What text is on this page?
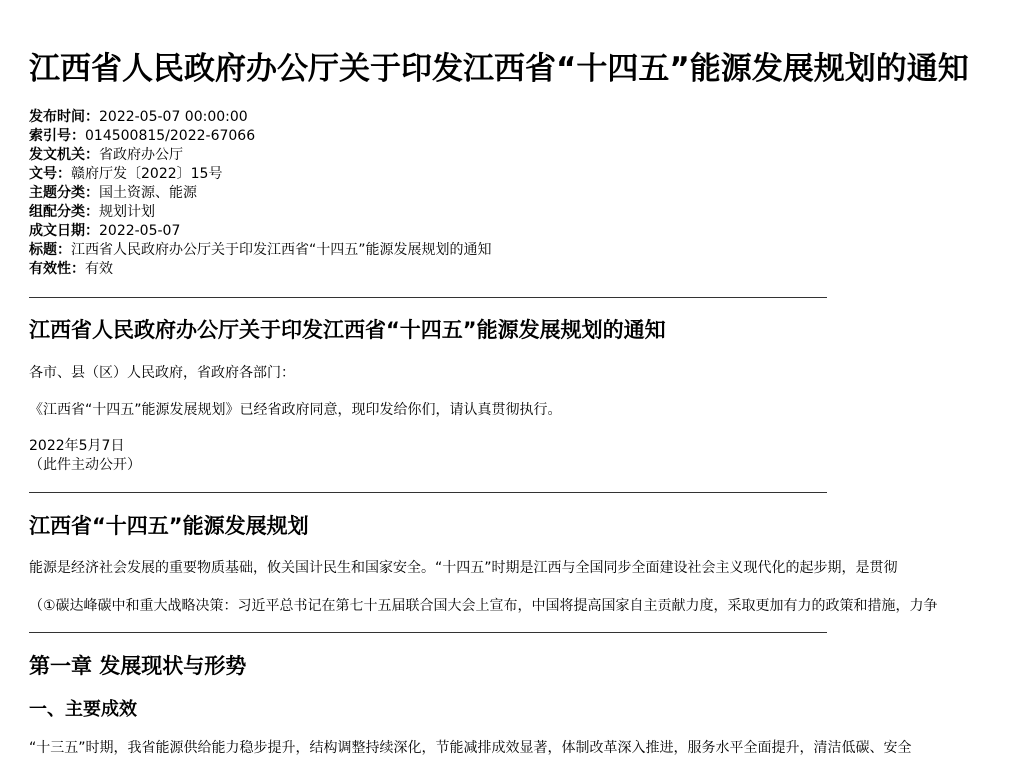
江西省人民政府办公厅关于印发江西省“十四五”能源发展规划的通知
发布时间：2022-05-07 00:00:00
索引号：014500815/2022-67066
发文机关：省政府办公厅
文号：赣府厅发〔2022〕15号
主题分类：国土资源、能源
组配分类：规划计划
成文日期：2022-05-07
标题：江西省人民政府办公厅关于印发江西省“十四五”能源发展规划的通知
有效性：有效
江西省人民政府办公厅关于印发江西省“十四五”能源发展规划的通知

各市、县（区）人民政府，省政府各部门：

《江西省“十四五”能源发展规划》已经省政府同意，现印发给你们，请认真贯彻执行。

2022年5月7日

（此件主动公开）

江西省“十四五”能源发展规划

能源是经济社会发展的重要物质基础，攸关国计民生和国家安全。“十四五”时期是江西与全国同步全面建设社会主义现代化的起步期，是贯彻

（①碳达峰碳中和重大战略决策：习近平总书记在第七十五届联合国大会上宣布，中国将提高国家自主贡献力度，采取更加有力的政策和措施，力争

第一章 发展现状与形势
一、主要成效

“十三五”时期，我省能源供给能力稳步提升，结构调整持续深化，节能减排成效显著，体制改革深入推进，服务水平全面提升，清洁低碳、安全
